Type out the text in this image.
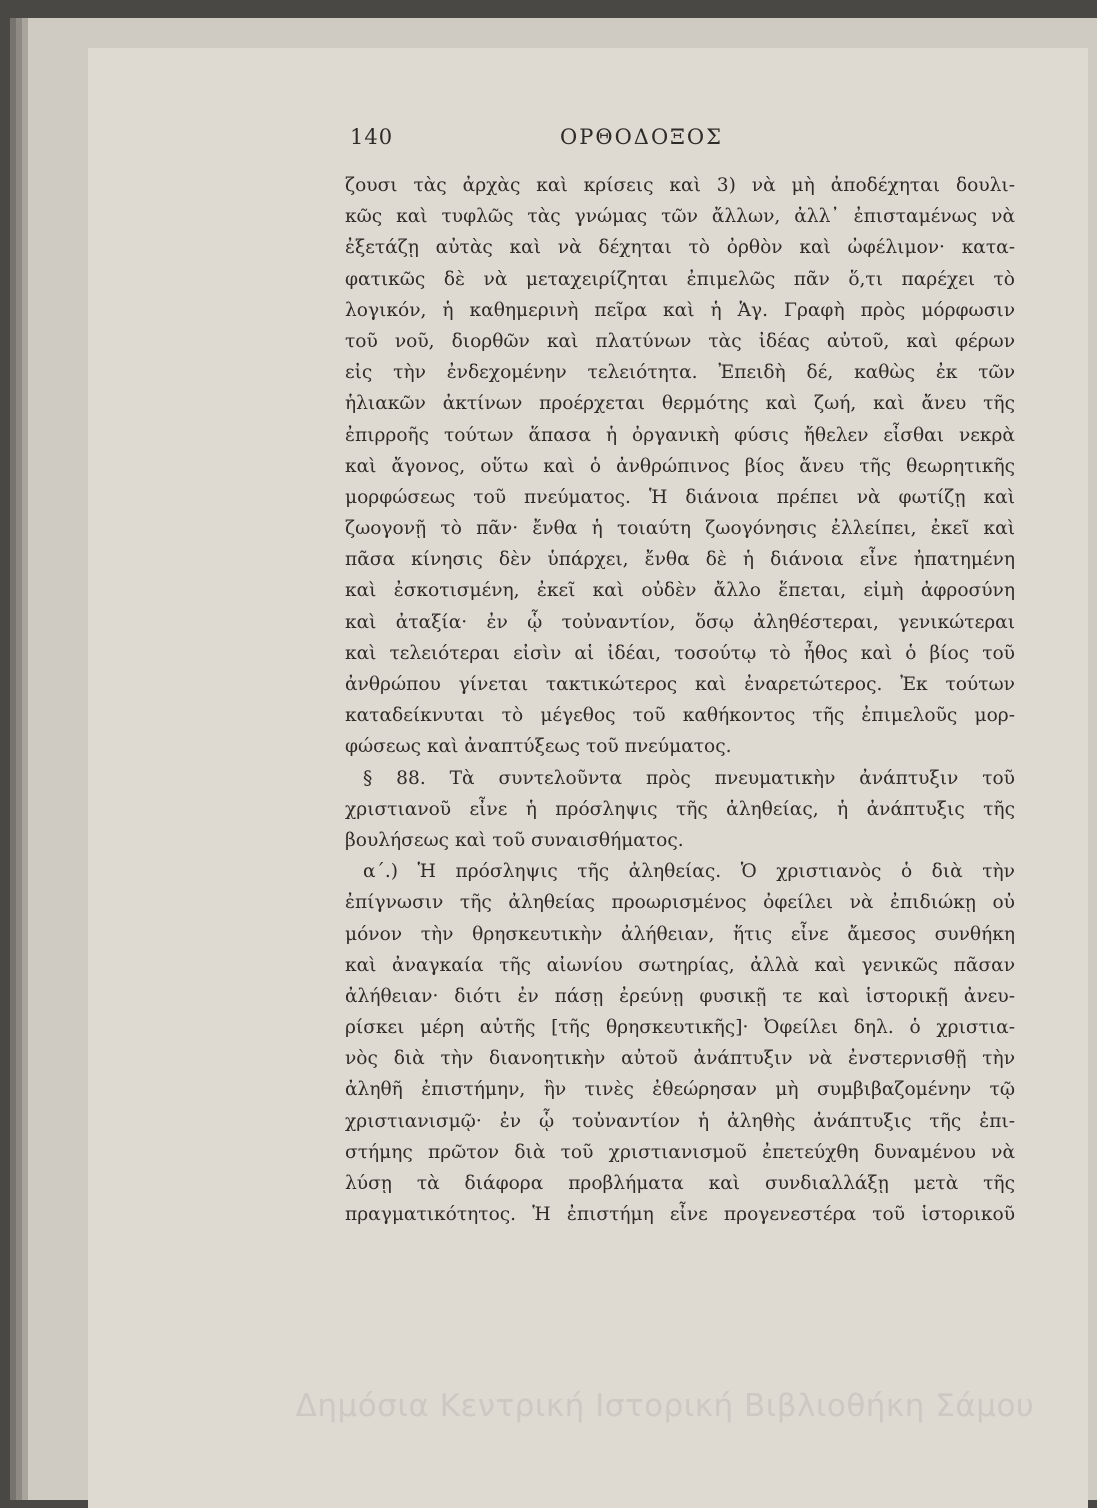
140	ΟΡΘΟΔΟΞΟΣ
ζουσι τὰς ἀρχὰς καὶ κρίσεις καὶ 3) νὰ μὴ ἀποδέχηται δουλι-
κῶς καὶ τυφλῶς τὰς γνώμας τῶν ἄλλων, ἀλλ᾽ ἐπισταμένως νὰ
ἐξετάζῃ αὐτὰς καὶ νὰ δέχηται τὸ ὀρθὸν καὶ ὠφέλιμον· κατα-
φατικῶς δὲ νὰ μεταχειρίζηται ἐπιμελῶς πᾶν ὅ,τι παρέχει τὸ
λογικόν, ἡ καθημερινὴ πεῖρα καὶ ἡ Ἁγ. Γραφὴ πρὸς μόρφωσιν
τοῦ νοῦ, διορθῶν καὶ πλατύνων τὰς ἰδέας αὐτοῦ, καὶ φέρων
εἰς τὴν ἐνδεχομένην τελειότητα. Ἐπειδὴ δέ, καθὼς ἐκ τῶν
ἡλιακῶν ἀκτίνων προέρχεται θερμότης καὶ ζωή, καὶ ἄνευ τῆς
ἐπιρροῆς τούτων ἅπασα ἡ ὀργανικὴ φύσις ἤθελεν εἶσθαι νεκρὰ
καὶ ἄγονος, οὕτω καὶ ὁ ἀνθρώπινος βίος ἄνευ τῆς θεωρητικῆς
μορφώσεως τοῦ πνεύματος. Ἡ διάνοια πρέπει νὰ φωτίζῃ καὶ
ζωογονῇ τὸ πᾶν· ἔνθα ἡ τοιαύτη ζωογόνησις ἐλλείπει, ἐκεῖ καὶ
πᾶσα κίνησις δὲν ὑπάρχει, ἔνθα δὲ ἡ διάνοια εἶνε ἠπατημένη
καὶ ἐσκοτισμένη, ἐκεῖ καὶ οὐδὲν ἄλλο ἕπεται, εἰμὴ ἀφροσύνη
καὶ ἀταξία· ἐν ᾧ τοὐναντίον, ὅσῳ ἀληθέστεραι, γενικώτεραι
καὶ τελειότεραι εἰσὶν αἱ ἰδέαι, τοσούτῳ τὸ ἦθος καὶ ὁ βίος τοῦ
ἀνθρώπου γίνεται τακτικώτερος καὶ ἐναρετώτερος. Ἐκ τούτων
καταδείκνυται τὸ μέγεθος τοῦ καθήκοντος τῆς ἐπιμελοῦς μορ-
φώσεως καὶ ἀναπτύξεως τοῦ πνεύματος.
§ 88. Τὰ συντελοῦντα πρὸς πνευματικὴν ἀνάπτυξιν τοῦ
χριστιανοῦ εἶνε ἡ πρόσληψις τῆς ἀληθείας, ἡ ἀνάπτυξις τῆς
βουλήσεως καὶ τοῦ συναισθήματος.
α΄.) Ἡ πρόσληψις τῆς ἀληθείας. Ὁ χριστιανὸς ὁ διὰ τὴν
ἐπίγνωσιν τῆς ἀληθείας προωρισμένος ὀφείλει νὰ ἐπιδιώκῃ οὐ
μόνον τὴν θρησκευτικὴν ἀλήθειαν, ἥτις εἶνε ἄμεσος συνθήκη
καὶ ἀναγκαία τῆς αἰωνίου σωτηρίας, ἀλλὰ καὶ γενικῶς πᾶσαν
ἀλήθειαν· διότι ἐν πάσῃ ἐρεύνῃ φυσικῇ τε καὶ ἱστορικῇ ἀνευ-
ρίσκει μέρη αὐτῆς [τῆς θρησκευτικῆς]· Ὀφείλει δηλ. ὁ χριστια-
νὸς διὰ τὴν διανοητικὴν αὐτοῦ ἀνάπτυξιν νὰ ἐνστερνισθῇ τὴν
ἀληθῆ ἐπιστήμην, ἣν τινὲς ἐθεώρησαν μὴ συμβιβαζομένην τῷ
χριστιανισμῷ· ἐν ᾧ τοὐναντίον ἡ ἀληθὴς ἀνάπτυξις τῆς ἐπι-
στήμης πρῶτον διὰ τοῦ χριστιανισμοῦ ἐπετεύχθη δυναμένου νὰ
λύσῃ τὰ διάφορα προβλήματα καὶ συνδιαλλάξῃ μετὰ τῆς
πραγματικότητος. Ἡ ἐπιστήμη εἶνε προγενεστέρα τοῦ ἱστορικοῦ
Δημόσια Κεντρική Ιστορική Βιβλιοθήκη Σάμου
